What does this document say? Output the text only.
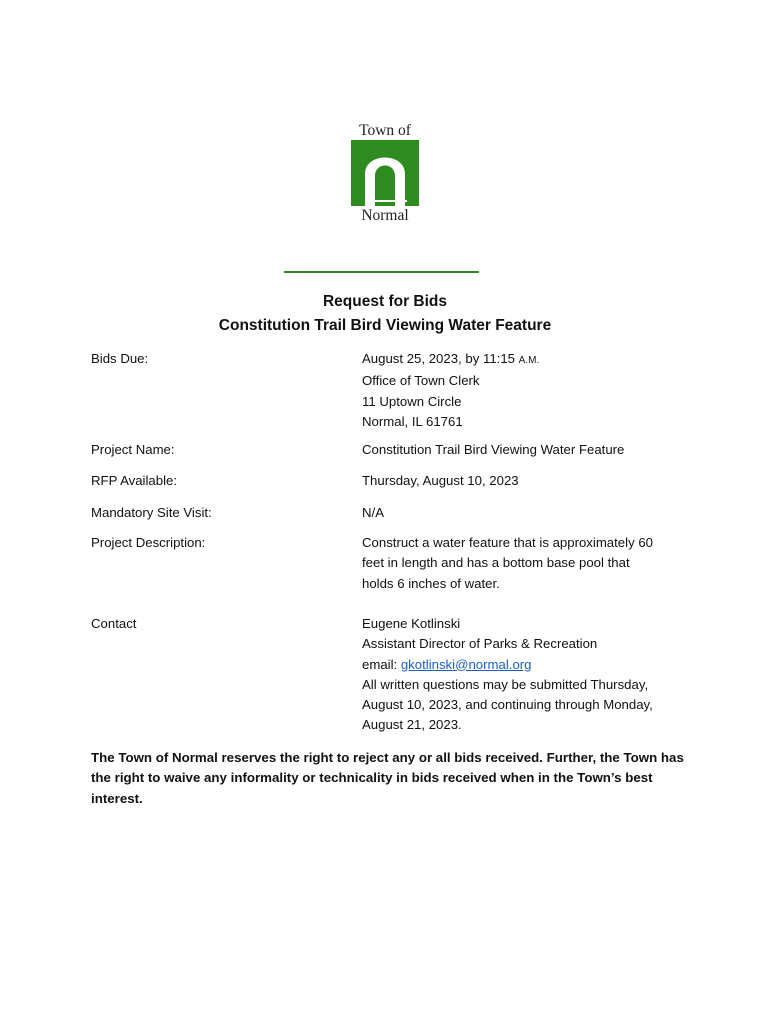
Town of
Normal
Request for Bids
Constitution Trail Bird Viewing Water Feature
Bids Due:	August 25, 2023, by 11:15 A.M.
Office of Town Clerk
11 Uptown Circle
Normal, IL 61761
Project Name:	Constitution Trail Bird Viewing Water Feature
RFP Available:	Thursday, August 10, 2023
Mandatory Site Visit:	N/A
Project Description:	Construct a water feature that is approximately 60
feet in length and has a bottom base pool that
holds 6 inches of water.
Contact	Eugene Kotlinski
Assistant Director of Parks & Recreation
email: gkotlinski@normal.org
All written questions may be submitted Thursday,
August 10, 2023, and continuing through Monday,
August 21, 2023.
The Town of Normal reserves the right to reject any or all bids received. Further, the Town has the right to waive any informality or technicality in bids received when in the Town’s best interest.
